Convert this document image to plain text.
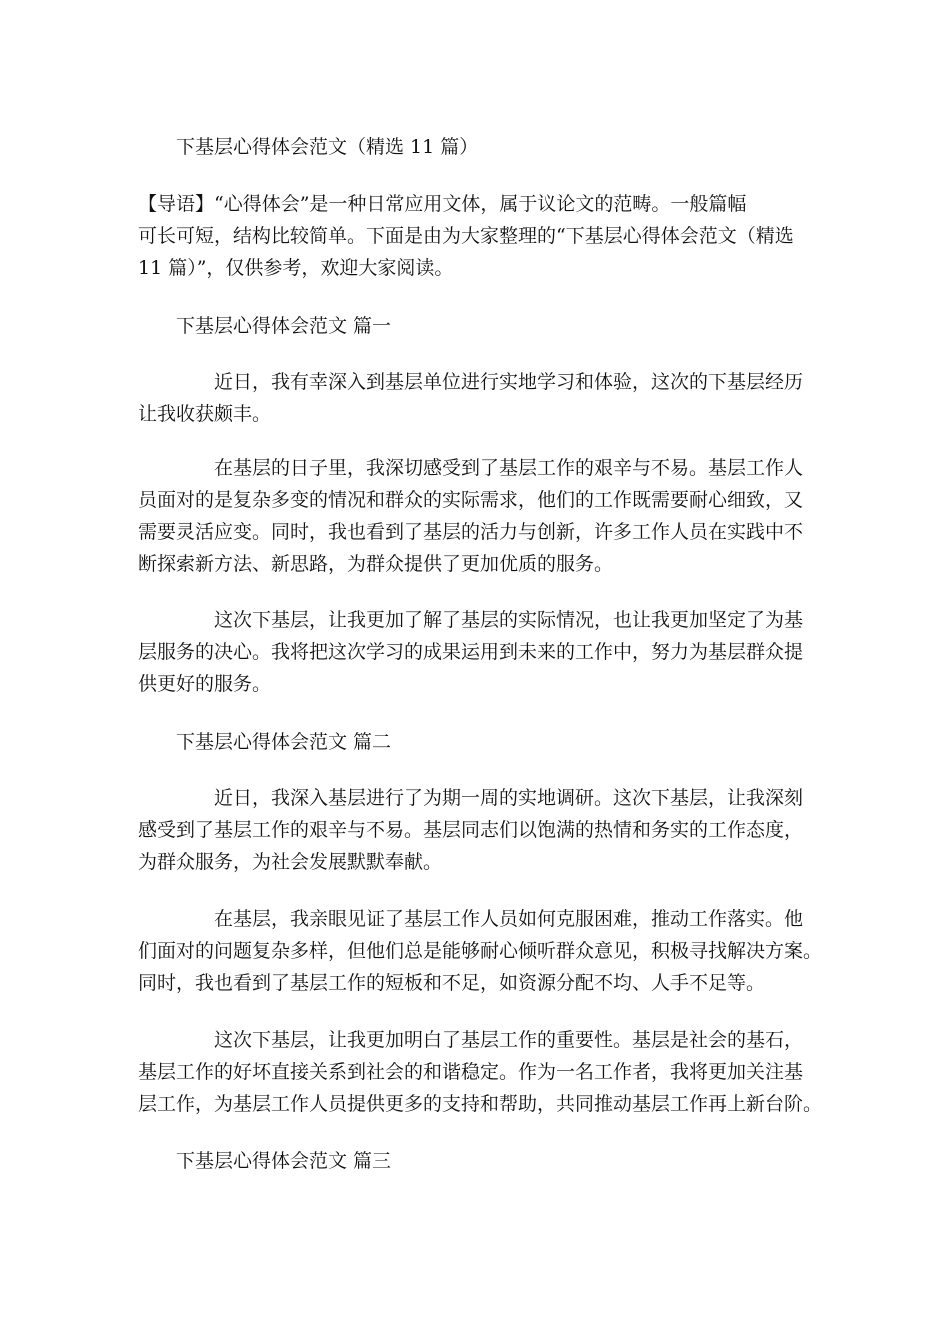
下基层心得体会范文（精选 11 篇）

【导语】“心得体会”是一种日常应用文体，属于议论文的范畴。一般篇幅

可长可短，结构比较简单。下面是由为大家整理的“下基层心得体会范文（精选

11 篇）”，仅供参考，欢迎大家阅读。

下基层心得体会范文 篇一

近日，我有幸深入到基层单位进行实地学习和体验，这次的下基层经历

让我收获颇丰。

在基层的日子里，我深切感受到了基层工作的艰辛与不易。基层工作人

员面对的是复杂多变的情况和群众的实际需求，他们的工作既需要耐心细致，又

需要灵活应变。同时，我也看到了基层的活力与创新，许多工作人员在实践中不

断探索新方法、新思路，为群众提供了更加优质的服务。

这次下基层，让我更加了解了基层的实际情况，也让我更加坚定了为基

层服务的决心。我将把这次学习的成果运用到未来的工作中，努力为基层群众提

供更好的服务。

下基层心得体会范文 篇二

近日，我深入基层进行了为期一周的实地调研。这次下基层，让我深刻

感受到了基层工作的艰辛与不易。基层同志们以饱满的热情和务实的工作态度，

为群众服务，为社会发展默默奉献。

在基层，我亲眼见证了基层工作人员如何克服困难，推动工作落实。他

们面对的问题复杂多样，但他们总是能够耐心倾听群众意见，积极寻找解决方案。

同时，我也看到了基层工作的短板和不足，如资源分配不均、人手不足等。

这次下基层，让我更加明白了基层工作的重要性。基层是社会的基石，

基层工作的好坏直接关系到社会的和谐稳定。作为一名工作者，我将更加关注基

层工作，为基层工作人员提供更多的支持和帮助，共同推动基层工作再上新台阶。

下基层心得体会范文 篇三
